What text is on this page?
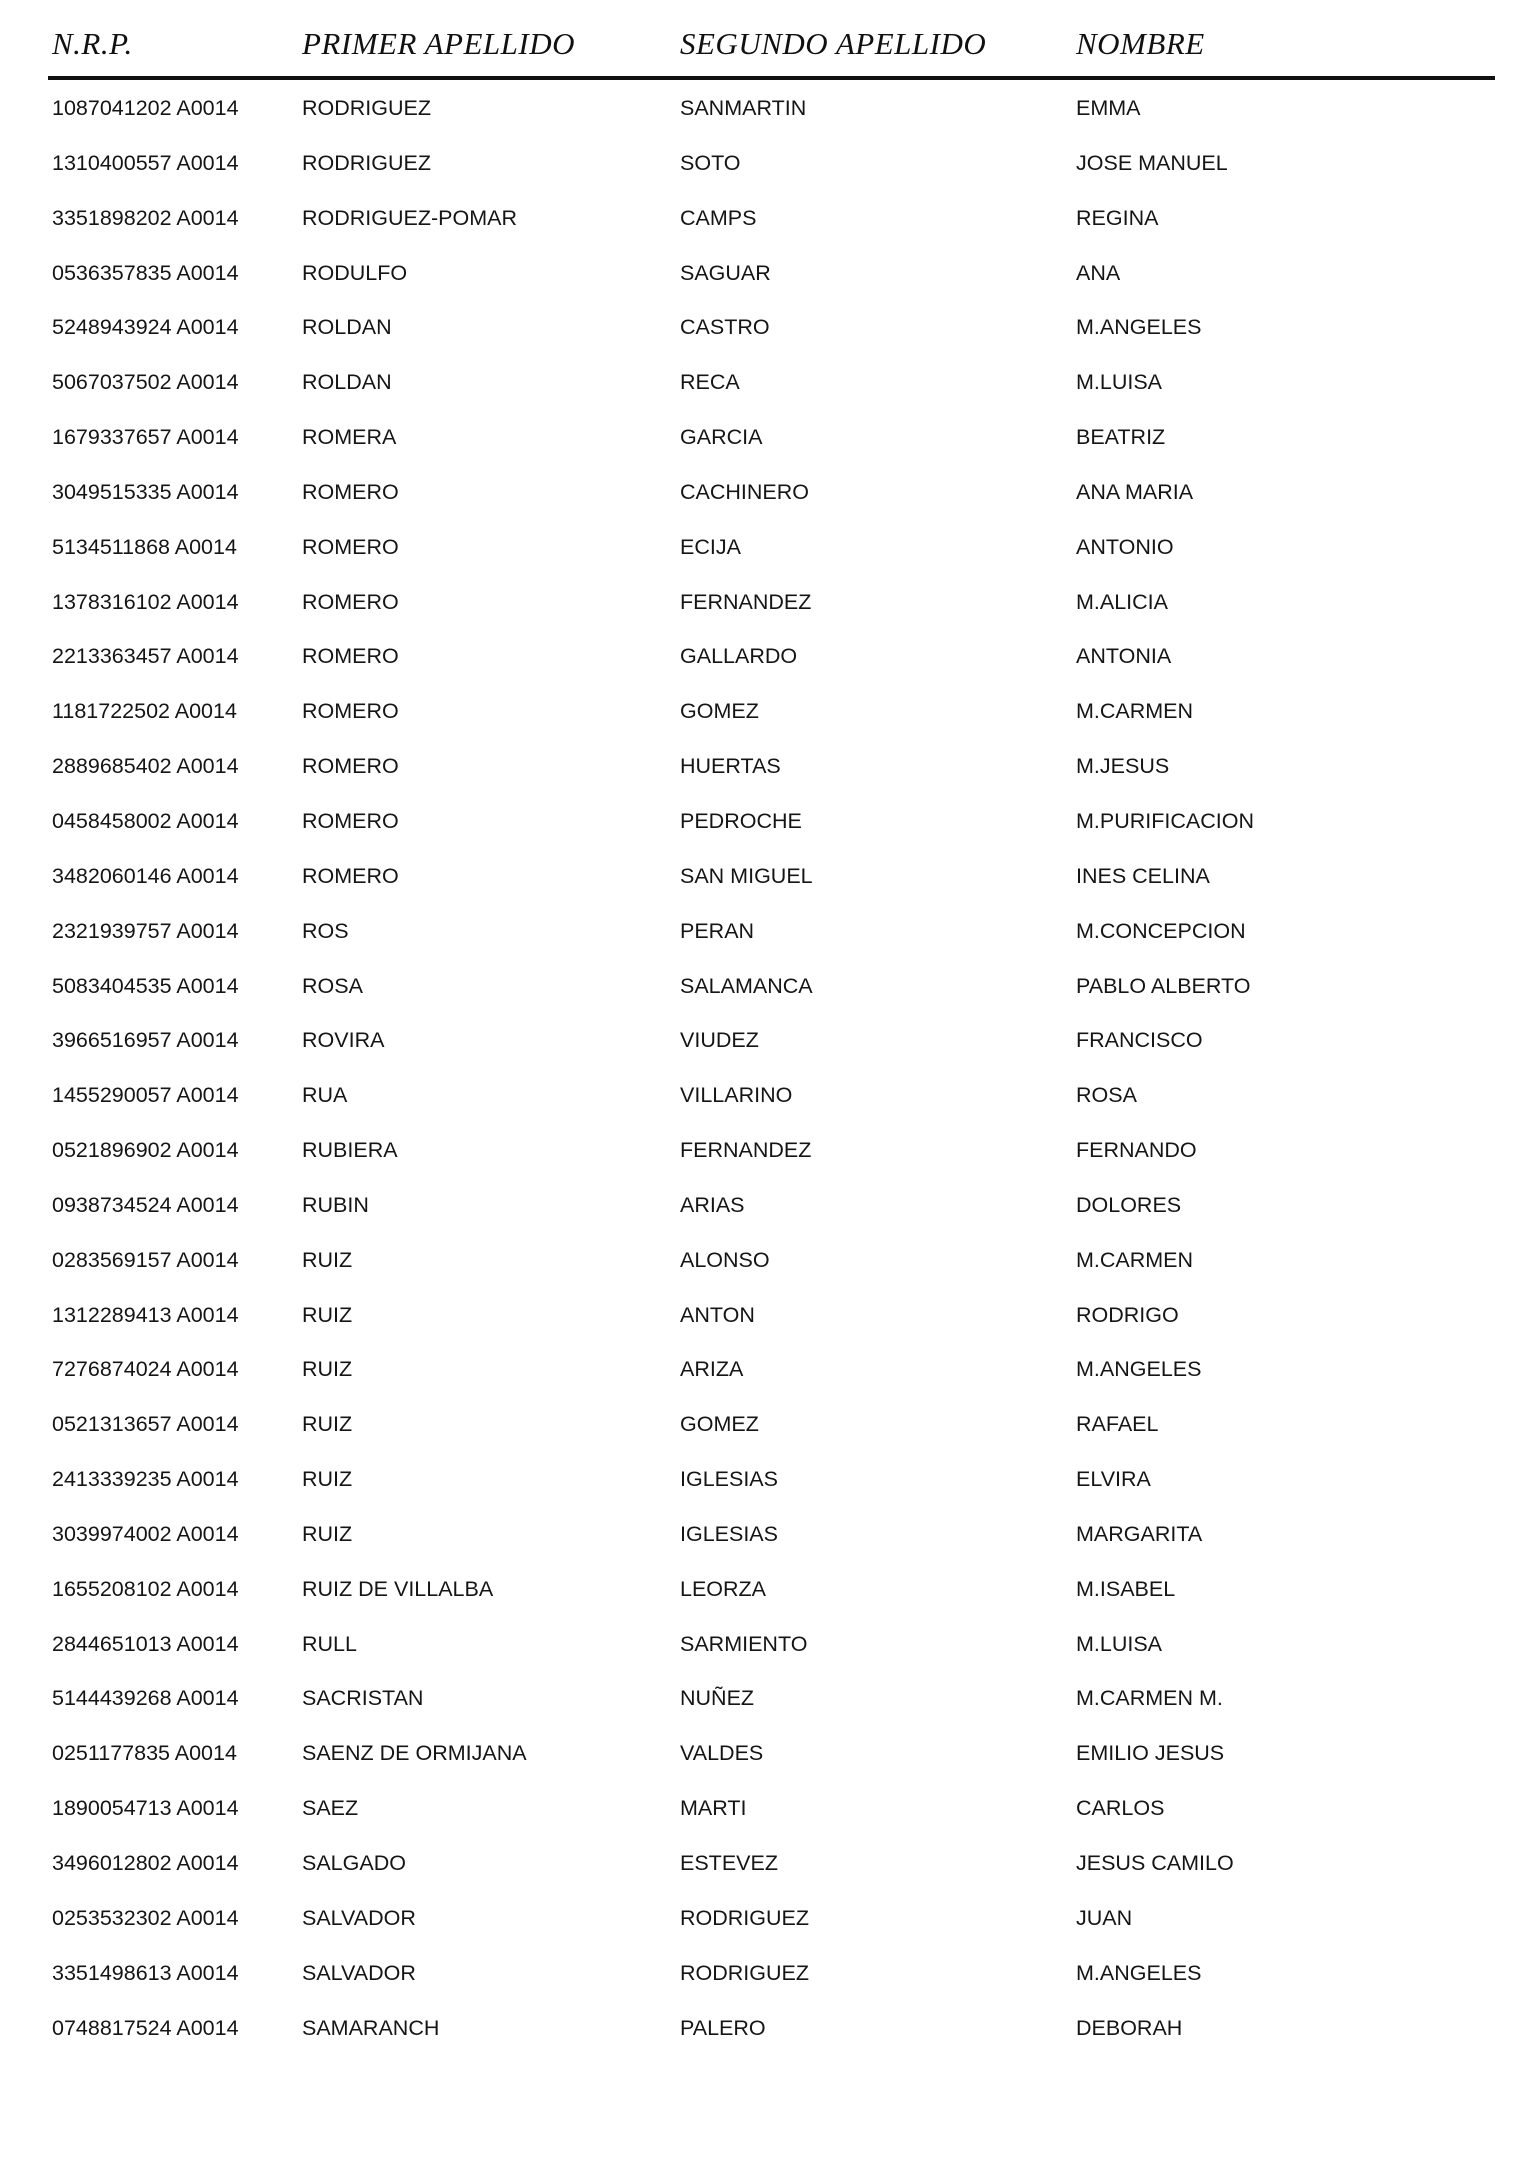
N.R.P.	PRIMER APELLIDO	SEGUNDO APELLIDO	NOMBRE
1087041202 A0014	RODRIGUEZ	SANMARTIN	EMMA
1310400557 A0014	RODRIGUEZ	SOTO	JOSE MANUEL
3351898202 A0014	RODRIGUEZ-POMAR	CAMPS	REGINA
0536357835 A0014	RODULFO	SAGUAR	ANA
5248943924 A0014	ROLDAN	CASTRO	M.ANGELES
5067037502 A0014	ROLDAN	RECA	M.LUISA
1679337657 A0014	ROMERA	GARCIA	BEATRIZ
3049515335 A0014	ROMERO	CACHINERO	ANA MARIA
5134511868 A0014	ROMERO	ECIJA	ANTONIO
1378316102 A0014	ROMERO	FERNANDEZ	M.ALICIA
2213363457 A0014	ROMERO	GALLARDO	ANTONIA
1181722502 A0014	ROMERO	GOMEZ	M.CARMEN
2889685402 A0014	ROMERO	HUERTAS	M.JESUS
0458458002 A0014	ROMERO	PEDROCHE	M.PURIFICACION
3482060146 A0014	ROMERO	SAN MIGUEL	INES CELINA
2321939757 A0014	ROS	PERAN	M.CONCEPCION
5083404535 A0014	ROSA	SALAMANCA	PABLO ALBERTO
3966516957 A0014	ROVIRA	VIUDEZ	FRANCISCO
1455290057 A0014	RUA	VILLARINO	ROSA
0521896902 A0014	RUBIERA	FERNANDEZ	FERNANDO
0938734524 A0014	RUBIN	ARIAS	DOLORES
0283569157 A0014	RUIZ	ALONSO	M.CARMEN
1312289413 A0014	RUIZ	ANTON	RODRIGO
7276874024 A0014	RUIZ	ARIZA	M.ANGELES
0521313657 A0014	RUIZ	GOMEZ	RAFAEL
2413339235 A0014	RUIZ	IGLESIAS	ELVIRA
3039974002 A0014	RUIZ	IGLESIAS	MARGARITA
1655208102 A0014	RUIZ DE VILLALBA	LEORZA	M.ISABEL
2844651013 A0014	RULL	SARMIENTO	M.LUISA
5144439268 A0014	SACRISTAN	NUÑEZ	M.CARMEN M.
0251177835 A0014	SAENZ DE ORMIJANA	VALDES	EMILIO JESUS
1890054713 A0014	SAEZ	MARTI	CARLOS
3496012802 A0014	SALGADO	ESTEVEZ	JESUS CAMILO
0253532302 A0014	SALVADOR	RODRIGUEZ	JUAN
3351498613 A0014	SALVADOR	RODRIGUEZ	M.ANGELES
0748817524 A0014	SAMARANCH	PALERO	DEBORAH
